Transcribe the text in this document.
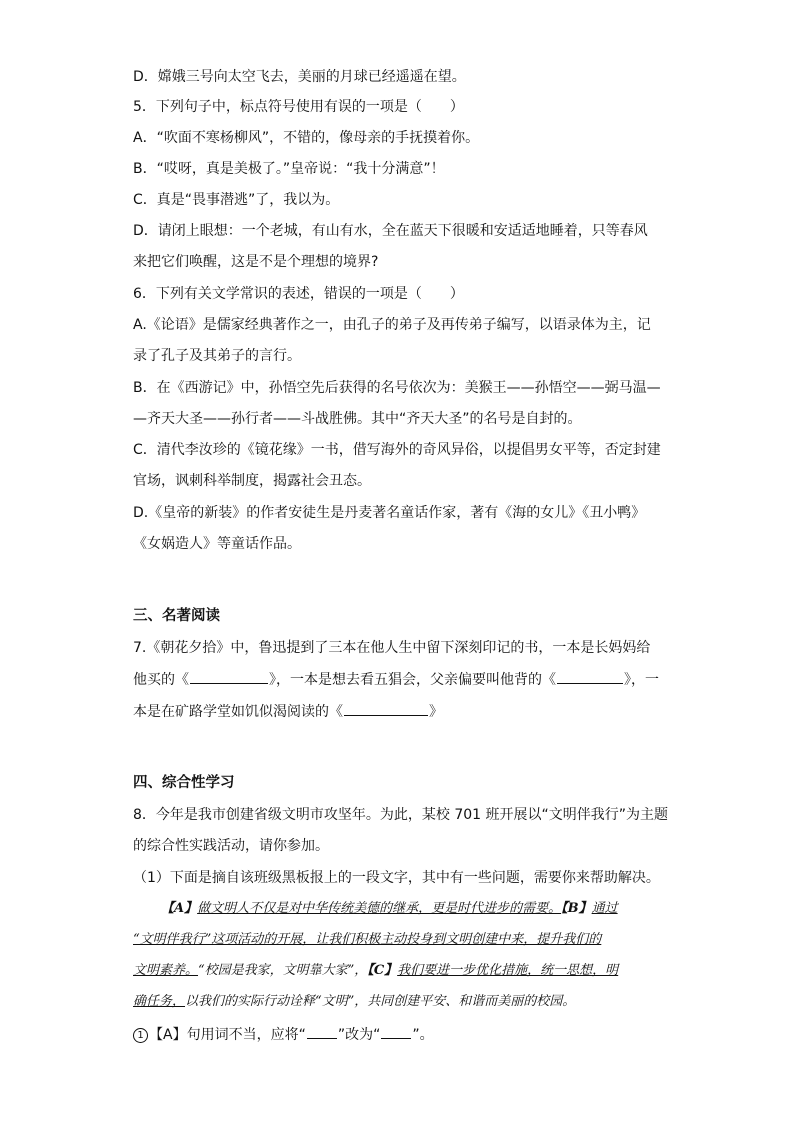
D．嫦娥三号向太空飞去，美丽的月球已经遥遥在望。
5．下列句子中，标点符号使用有误的一项是（　　）
A．“吹面不寒杨柳风”，不错的，像母亲的手抚摸着你。
B．“哎呀，真是美极了。”皇帝说：“我十分满意”！
C．真是“畏事潜逃”了，我以为。
D．请闭上眼想：一个老城，有山有水，全在蓝天下很暖和安适适地睡着，只等春风
来把它们唤醒，这是不是个理想的境界?
6．下列有关文学常识的表述，错误的一项是（　　）
A.《论语》是儒家经典著作之一，由孔子的弟子及再传弟子编写，以语录体为主，记
录了孔子及其弟子的言行。
B．在《西游记》中，孙悟空先后获得的名号依次为：美猴王——孙悟空——弼马温—
—齐天大圣——孙行者——斗战胜佛。其中“齐天大圣”的名号是自封的。
C．清代李汝珍的《镜花缘》一书，借写海外的奇风异俗，以提倡男女平等，否定封建
官场，讽刺科举制度，揭露社会丑态。
D.《皇帝的新装》的作者安徒生是丹麦著名童话作家，著有《海的女儿》《丑小鸭》
《女娲造人》等童话作品。
三、名著阅读
7.《朝花夕拾》中，鲁迅提到了三本在他人生中留下深刻印记的书，一本是长妈妈给
他买的《	》，一本是想去看五猖会，父亲偏要叫他背的《	》，一
本是在矿路学堂如饥似渴阅读的《	》
四、综合性学习
8．今年是我市创建省级文明市攻坚年。为此，某校 701 班开展以“文明伴我行”为主题
的综合性实践活动，请你参加。
（1）下面是摘自该班级黑板报上的一段文字，其中有一些问题，需要你来帮助解决。
【A】做文明人不仅是对中华传统美德的继承，更是时代进步的需要。【B】通过
“文明伴我行”这项活动的开展，让我们积极主动投身到文明创建中来，提升我们的
文明素养。“校园是我家，文明靠大家”，【C】我们要进一步优化措施，统一思想，明
确任务，以我们的实际行动诠释“文明”，共同创建平安、和谐而美丽的校园。
1 【A】句用词不当，应将“ ”改为“ ”。
